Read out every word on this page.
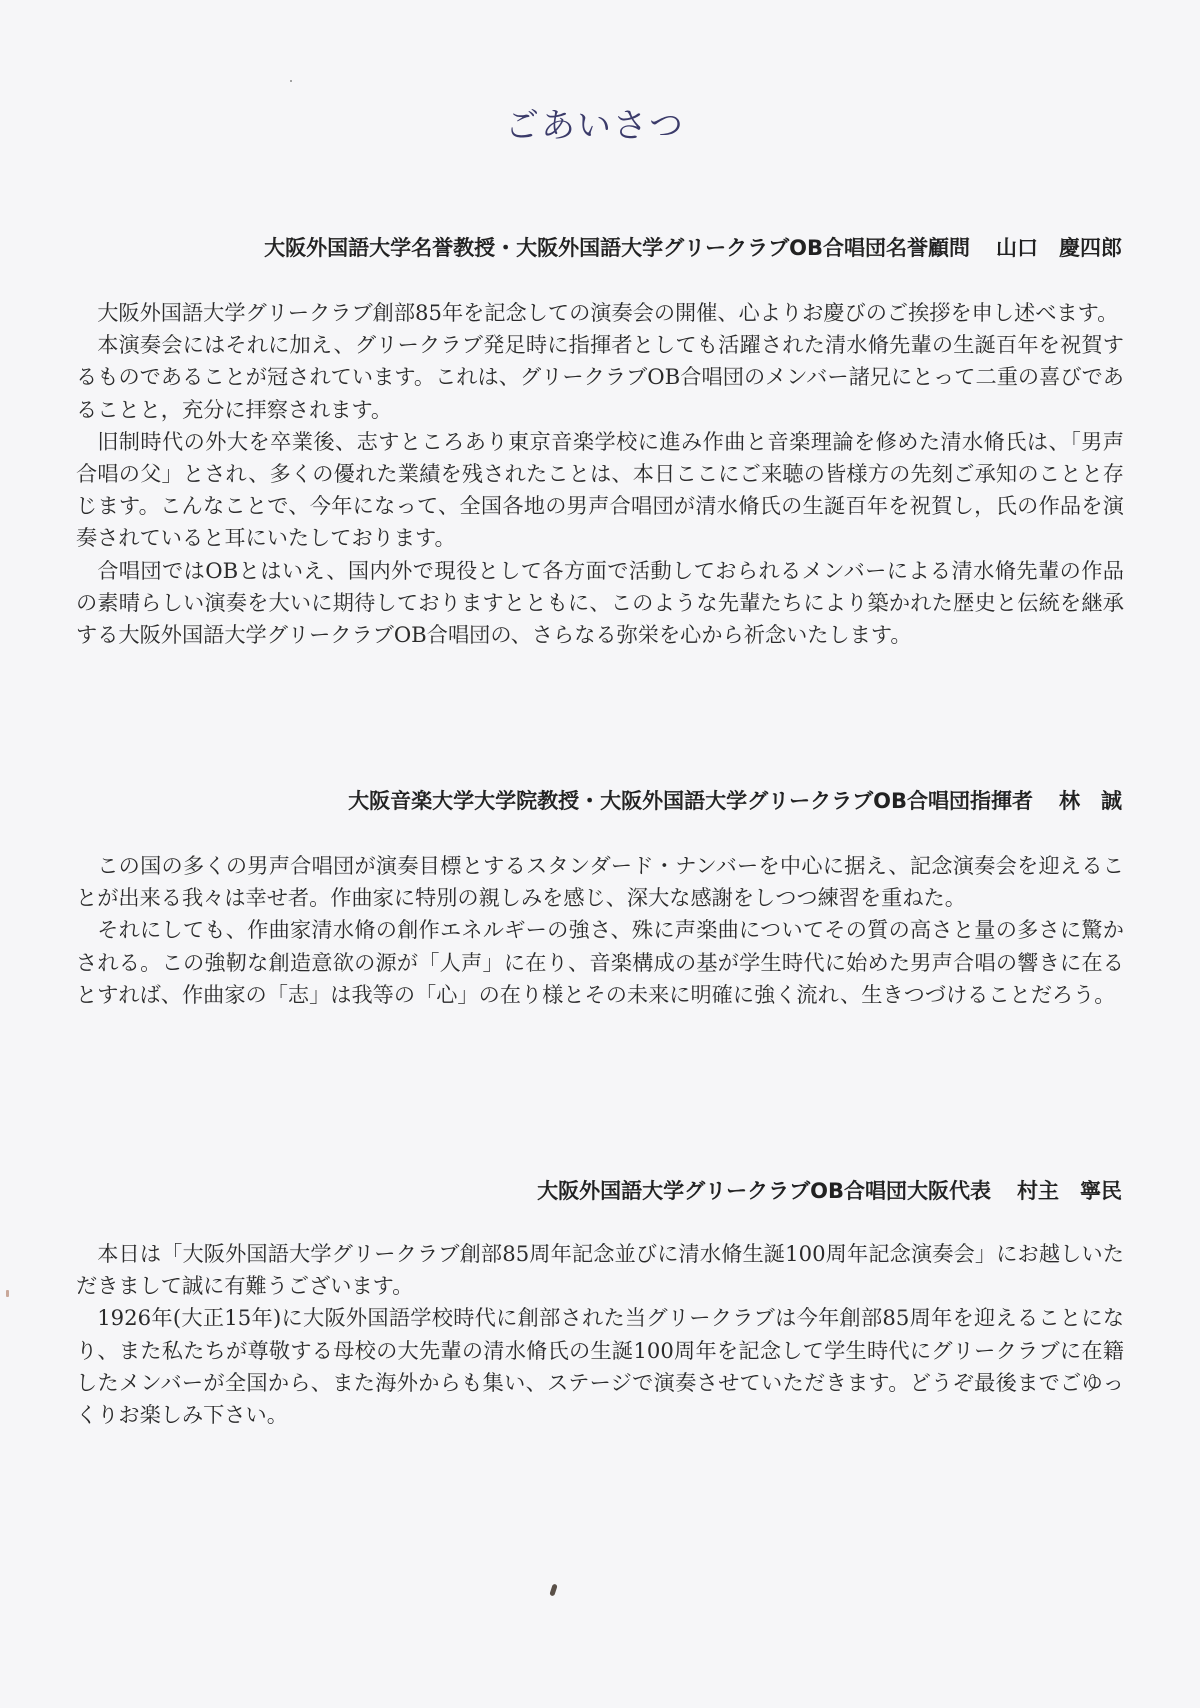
ごあいさつ
大阪外国語大学名誉教授・大阪外国語大学グリークラブOB合唱団名誉顧問 山口　慶四郎

大阪外国語大学グリークラブ創部85年を記念しての演奏会の開催、心よりお慶びのご挨拶を申し述べます。

本演奏会にはそれに加え、グリークラブ発足時に指揮者としても活躍された清水脩先輩の生誕百年を祝賀するものであることが冠されています。これは、グリークラブOB合唱団のメンバー諸兄にとって二重の喜びであることと，充分に拝察されます。

旧制時代の外大を卒業後、志すところあり東京音楽学校に進み作曲と音楽理論を修めた清水脩氏は、「男声合唱の父」とされ、多くの優れた業績を残されたことは、本日ここにご来聴の皆様方の先刻ご承知のことと存じます。こんなことで、今年になって、全国各地の男声合唱団が清水脩氏の生誕百年を祝賀し，氏の作品を演奏されていると耳にいたしております。

合唱団ではOBとはいえ、国内外で現役として各方面で活動しておられるメンバーによる清水脩先輩の作品の素晴らしい演奏を大いに期待しておりますとともに、このような先輩たちにより築かれた歴史と伝統を継承する大阪外国語大学グリークラブOB合唱団の、さらなる弥栄を心から祈念いたします。

大阪音楽大学大学院教授・大阪外国語大学グリークラブOB合唱団指揮者 林　誠

この国の多くの男声合唱団が演奏目標とするスタンダード・ナンバーを中心に据え、記念演奏会を迎えることが出来る我々は幸せ者。作曲家に特別の親しみを感じ、深大な感謝をしつつ練習を重ねた。

それにしても、作曲家清水脩の創作エネルギーの強さ、殊に声楽曲についてその質の高さと量の多さに驚かされる。この強靭な創造意欲の源が「人声」に在り、音楽構成の基が学生時代に始めた男声合唱の響きに在るとすれば、作曲家の「志」は我等の「心」の在り様とその未来に明確に強く流れ、生きつづけることだろう。

大阪外国語大学グリークラブOB合唱団大阪代表 村主　寧民

本日は「大阪外国語大学グリークラブ創部85周年記念並びに清水脩生誕100周年記念演奏会」にお越しいただきまして誠に有難うございます。

1926年(大正15年)に大阪外国語学校時代に創部された当グリークラブは今年創部85周年を迎えることになり、また私たちが尊敬する母校の大先輩の清水脩氏の生誕100周年を記念して学生時代にグリークラブに在籍したメンバーが全国から、また海外からも集い、ステージで演奏させていただきます。どうぞ最後までごゆっくりお楽しみ下さい。
